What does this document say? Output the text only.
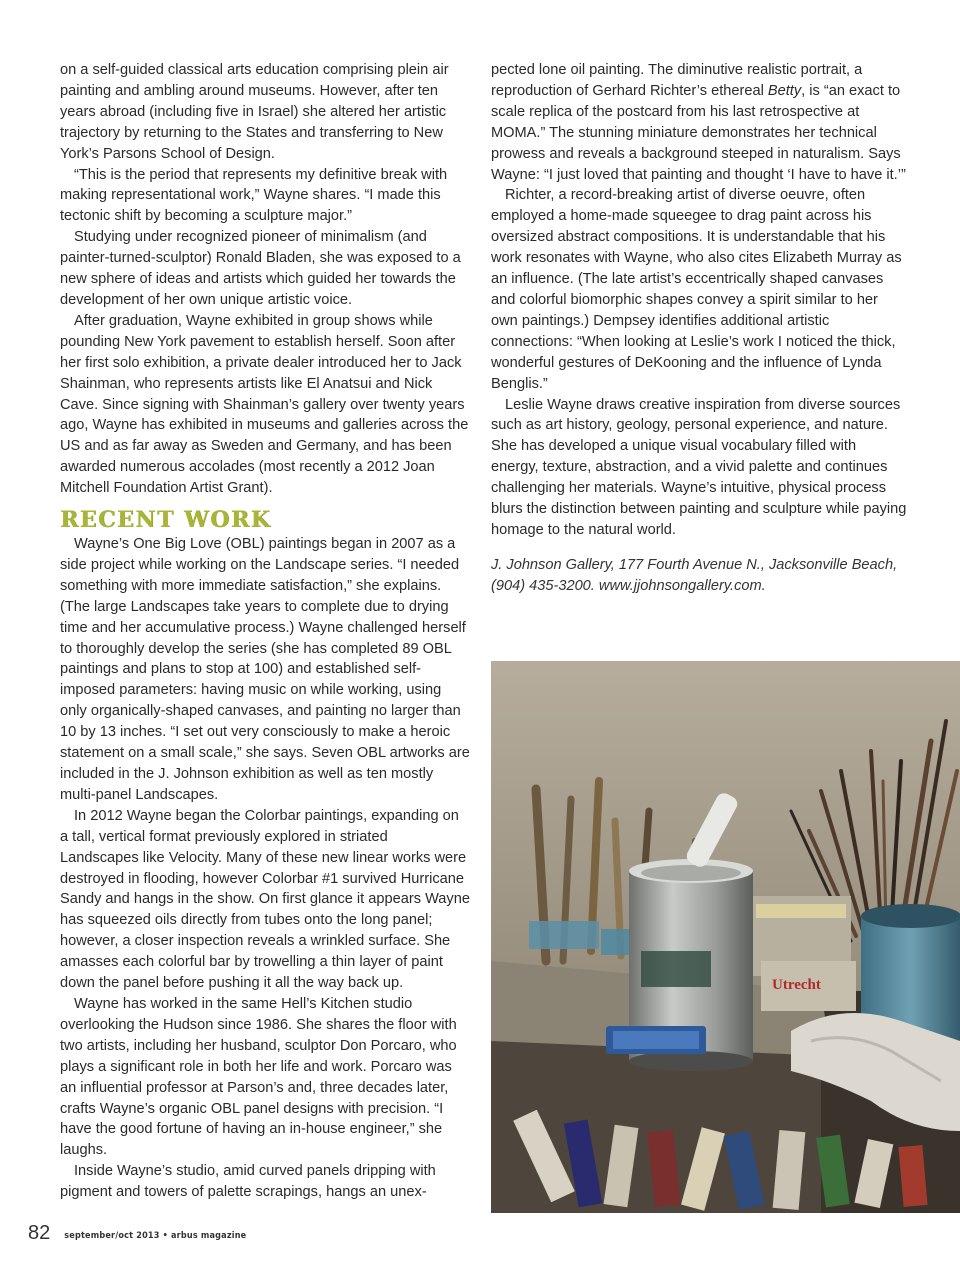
on a self-guided classical arts education comprising plein air painting and ambling around museums. However, after ten years abroad (including five in Israel) she altered her artistic trajectory by returning to the States and transferring to New York’s Parsons School of Design.

“This is the period that represents my definitive break with making representational work,” Wayne shares. “I made this tectonic shift by becoming a sculpture major.”

Studying under recognized pioneer of minimalism (and painter-turned-sculptor) Ronald Bladen, she was exposed to a new sphere of ideas and artists which guided her towards the development of her own unique artistic voice.

After graduation, Wayne exhibited in group shows while pounding New York pavement to establish herself. Soon after her first solo exhibition, a private dealer introduced her to Jack Shainman, who represents artists like El Anatsui and Nick Cave. Since signing with Shainman’s gallery over twenty years ago, Wayne has exhibited in museums and galleries across the US and as far away as Sweden and Germany, and has been awarded numerous accolades (most recently a 2012 Joan Mitchell Foundation Artist Grant).

RECENT WORK

Wayne’s One Big Love (OBL) paintings began in 2007 as a side project while working on the Landscape series. “I needed something with more immediate satisfaction,” she explains. (The large Landscapes take years to complete due to drying time and her accumulative process.) Wayne challenged herself to thoroughly develop the series (she has completed 89 OBL paintings and plans to stop at 100) and established self-imposed parameters: having music on while working, using only organically-shaped canvases, and painting no larger than 10 by 13 inches. “I set out very consciously to make a heroic statement on a small scale,” she says. Seven OBL artworks are included in the J. Johnson exhibition as well as ten mostly multi-panel Landscapes.

In 2012 Wayne began the Colorbar paintings, expanding on a tall, vertical format previously explored in striated Landscapes like Velocity. Many of these new linear works were destroyed in flooding, however Colorbar #1 survived Hurricane Sandy and hangs in the show. On first glance it appears Wayne has squeezed oils directly from tubes onto the long panel; however, a closer inspection reveals a wrinkled surface. She amasses each colorful bar by trowelling a thin layer of paint down the panel before pushing it all the way back up.

Wayne has worked in the same Hell’s Kitchen studio overlooking the Hudson since 1986. She shares the floor with two artists, including her husband, sculptor Don Porcaro, who plays a significant role in both her life and work. Porcaro was an influential professor at Parson’s and, three decades later, crafts Wayne’s organic OBL panel designs with precision. “I have the good fortune of having an in-house engineer,” she laughs.

Inside Wayne’s studio, amid curved panels dripping with pigment and towers of palette scrapings, hangs an unex-

pected lone oil painting. The diminutive realistic portrait, a reproduction of Gerhard Richter’s ethereal Betty, is “an exact to scale replica of the postcard from his last retrospective at MOMA.” The stunning miniature demonstrates her technical prowess and reveals a background steeped in naturalism. Says Wayne: “I just loved that painting and thought ‘I have to have it.’”

Richter, a record-breaking artist of diverse oeuvre, often employed a home-made squeegee to drag paint across his oversized abstract compositions. It is understandable that his work resonates with Wayne, who also cites Elizabeth Murray as an influence. (The late artist’s eccentrically shaped canvases and colorful biomorphic shapes convey a spirit similar to her own paintings.) Dempsey identifies additional artistic connections: “When looking at Leslie’s work I noticed the thick, wonderful gestures of DeKooning and the influence of Lynda Benglis.”

Leslie Wayne draws creative inspiration from diverse sources such as art history, geology, personal experience, and nature. She has developed a unique visual vocabulary filled with energy, texture, abstraction, and a vivid palette and continues challenging her materials. Wayne’s intuitive, physical process blurs the distinction between painting and sculpture while paying homage to the natural world.

J. Johnson Gallery, 177 Fourth Avenue N., Jacksonville Beach, (904) 435-3200. www.jjohnsongallery.com.

Utrecht
82 september/oct 2013 • arbus magazine
